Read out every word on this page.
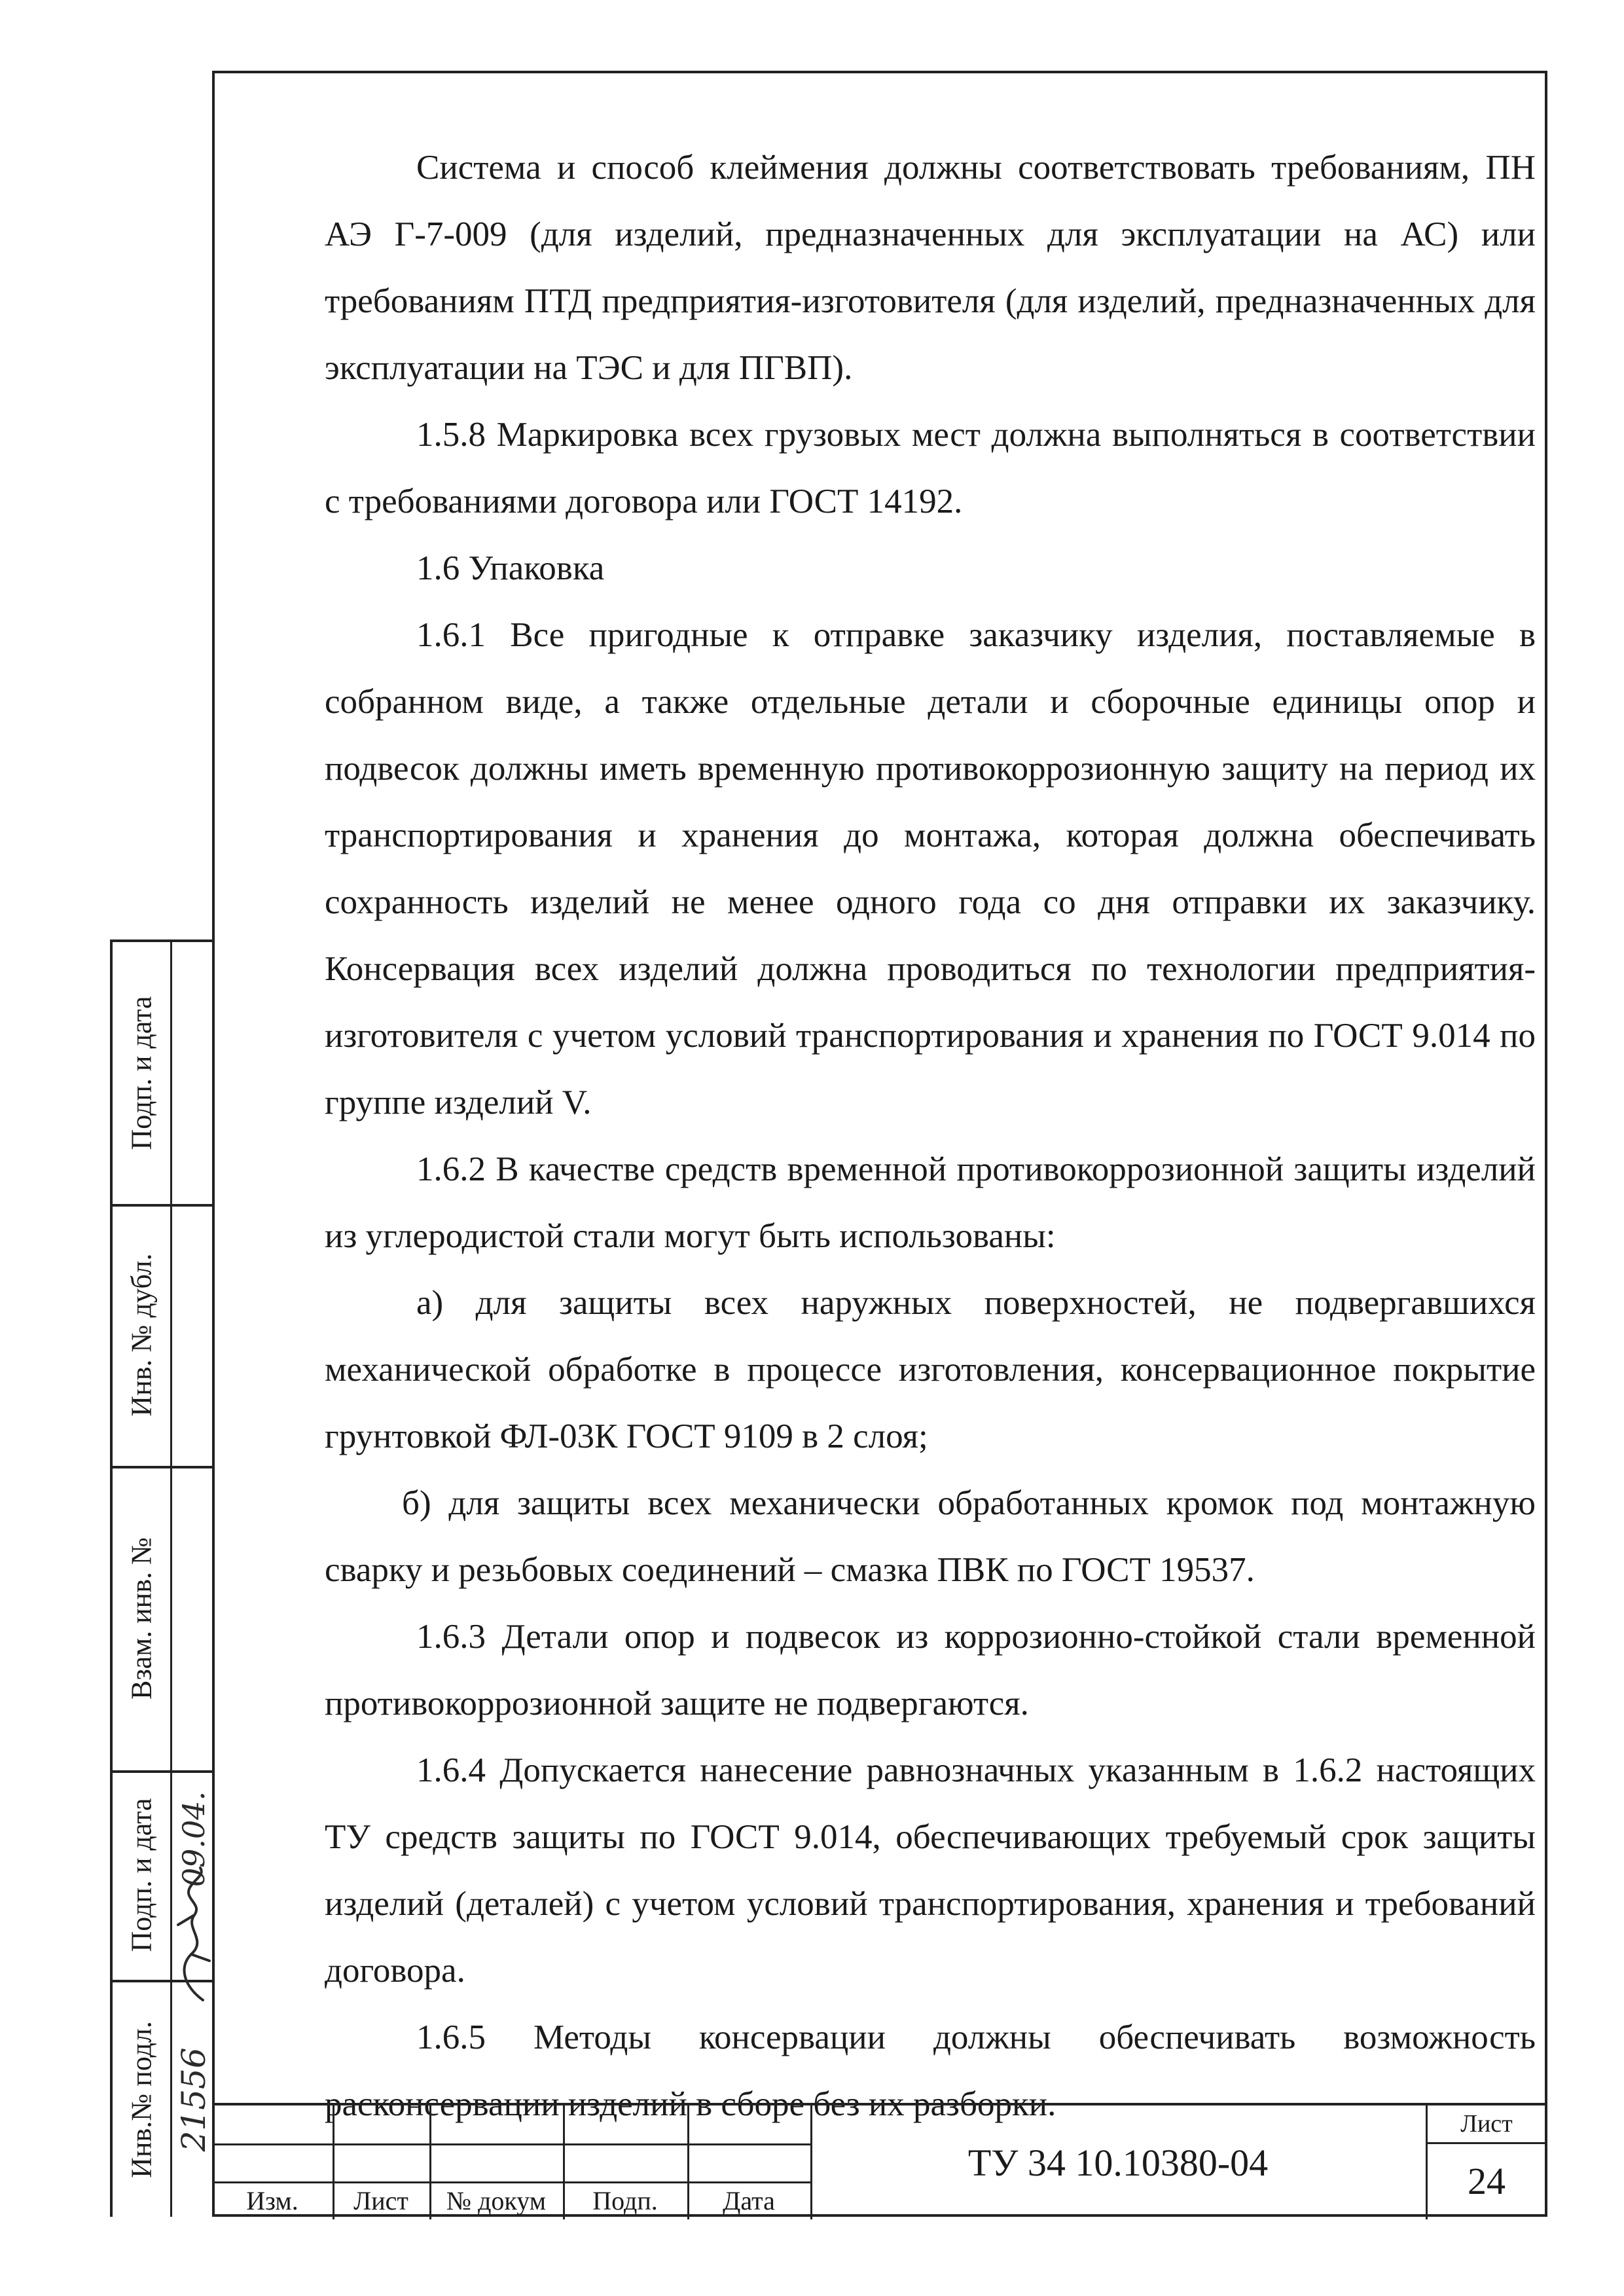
Система и способ клеймения должны соответствовать требованиям, ПН АЭ Г-7-009 (для изделий, предназначенных для эксплуатации на АС) или требованиям ПТД предприятия-изготовителя (для изделий, предназначенных для эксплуатации на ТЭС и для ПГВП).

1.5.8 Маркировка всех грузовых мест должна выполняться в соответствии с требованиями договора или ГОСТ 14192.

1.6 Упаковка

1.6.1 Все пригодные к отправке заказчику изделия, поставляемые в собранном виде, а также отдельные детали и сборочные единицы опор и подвесок должны иметь временную противокоррозионную защиту на период их транспортирования и хранения до монтажа, которая должна обеспечивать сохранность изделий не менее одного года со дня отправки их заказчику. Консервация всех изделий должна проводиться по технологии предприятия-изготовителя с учетом условий транспортирования и хранения по ГОСТ 9.014 по группе изделий V.

1.6.2 В качестве средств временной противокоррозионной защиты изделий из углеродистой стали могут быть использованы:

а) для защиты всех наружных поверхностей, не подвергавшихся механической обработке в процессе изготовления, консервационное покрытие грунтовкой ФЛ-03К ГОСТ 9109 в 2 слоя;

б) для защиты всех механически обработанных кромок под монтажную сварку и резьбовых соединений – смазка ПВК по ГОСТ 19537.

1.6.3 Детали опор и подвесок из коррозионно-стойкой стали временной противокоррозионной защите не подвергаются.

1.6.4 Допускается нанесение равнозначных указанным в 1.6.2 настоящих ТУ средств защиты по ГОСТ 9.014, обеспечивающих требуемый срок защиты изделий (деталей) с учетом условий транспортирования, хранения и требований договора.

1.6.5 Методы консервации должны обеспечивать возможность расконсервации изделий в сборе без их разборки.

Подп. и дата
Инв. № дубл.
Взам. инв. №
Подп. и дата
Инв.№ подл.
09.04.
21556
Изм.	Лист	№ докум	Подп.	Дата
ТУ 34 10.10380-04
Лист
24
